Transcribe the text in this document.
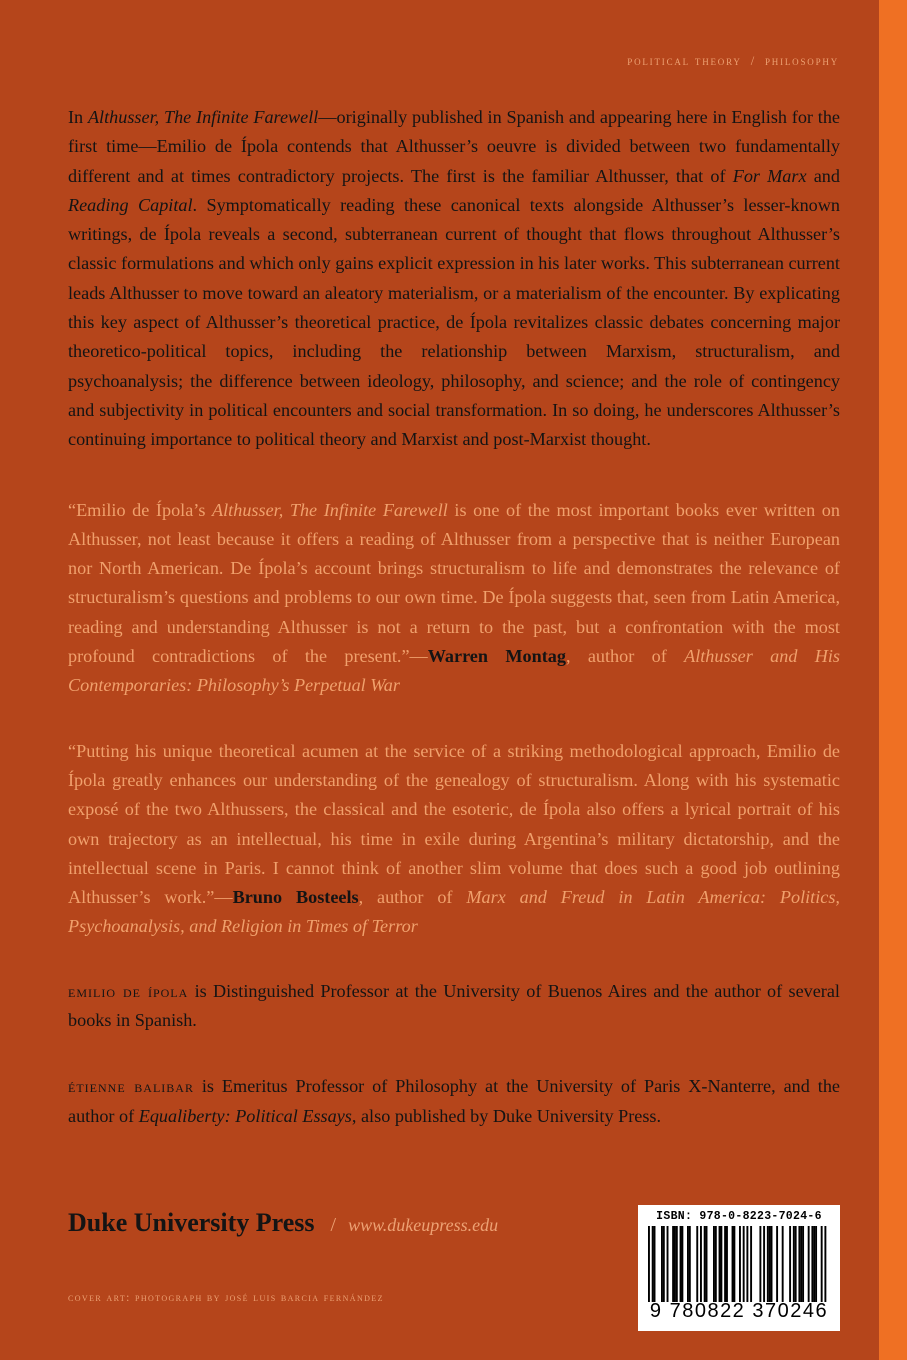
political theory / philosophy

In Althusser, The Infinite Farewell—originally published in Spanish and appearing here in English for the first time—Emilio de Ípola contends that Althusser’s oeuvre is divided between two fundamentally different and at times contradictory projects. The first is the familiar Althusser, that of For Marx and Reading Capital. Symptomatically reading these canonical texts alongside Althusser’s lesser-known writings, de Ípola reveals a second, subterranean current of thought that flows throughout Althusser’s classic formulations and which only gains explicit expression in his later works. This subterranean current leads Althusser to move toward an aleatory materialism, or a materialism of the encounter. By explicating this key aspect of Althusser’s theoretical practice, de Ípola revitalizes classic debates concerning major theoretico-political topics, including the relationship between Marxism, structuralism, and psychoanalysis; the difference between ideology, philosophy, and science; and the role of contingency and subjectivity in political encounters and social transformation. In so doing, he underscores Althusser’s continuing importance to political theory and Marxist and post-Marxist thought.

“Emilio de Ípola’s Althusser, The Infinite Farewell is one of the most important books ever written on Althusser, not least because it offers a reading of Althusser from a perspective that is neither European nor North American. De Ípola’s account brings structuralism to life and demonstrates the relevance of structuralism’s questions and problems to our own time. De Ípola suggests that, seen from Latin America, reading and understanding Althusser is not a return to the past, but a confrontation with the most profound contradictions of the present.”—Warren Montag, author of Althusser and His Contemporaries: Philosophy’s Perpetual War

“Putting his unique theoretical acumen at the service of a striking methodological approach, Emilio de Ípola greatly enhances our understanding of the genealogy of structuralism. Along with his systematic exposé of the two Althussers, the classical and the esoteric, de Ípola also offers a lyrical portrait of his own trajectory as an intellectual, his time in exile during Argentina’s military dictatorship, and the intellectual scene in Paris. I cannot think of another slim volume that does such a good job outlining Althusser’s work.”—Bruno Bosteels, author of Marx and Freud in Latin America: Politics, Psychoanalysis, and Religion in Times of Terror

emilio de ípola is Distinguished Professor at the University of Buenos Aires and the author of several books in Spanish.

étienne balibar is Emeritus Professor of Philosophy at the University of Paris X-Nanterre, and the author of Equaliberty: Political Essays, also published by Duke University Press.

Duke University Press / www.dukeupress.edu
cover art: photograph by josé luis barcia fernández
ISBN: 978-0-8223-7024-6
9 780822 370246
